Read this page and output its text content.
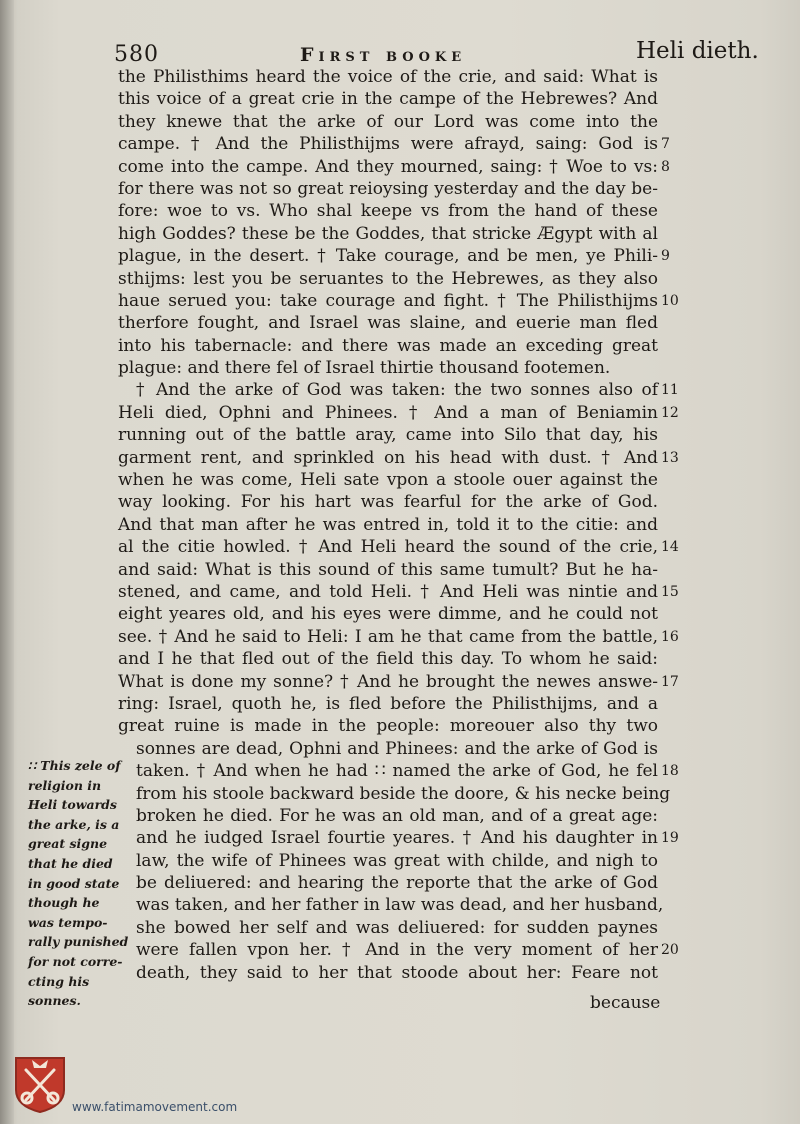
580	First booke	Heli dieth.
the Philisthims heard the voice of the crie, and said: What is
this voice of a great crie in the campe of the Hebrewes? And
they knewe that the arke of our Lord was come into the
campe. † And the Philisthijms were afrayd, saing: God is
come into the campe. And they mourned, saing: † Woe to vs:
for there was not so great reioysing yesterday and the day be-
fore: woe to vs. Who shal keepe vs from the hand of these
high Goddes? these be the Goddes, that stricke Ægypt with al
plague, in the desert. † Take courage, and be men, ye Phili-
sthijms: lest you be seruantes to the Hebrewes, as they also
haue serued you: take courage and fight. † The Philisthijms
therfore fought, and Israel was slaine, and euerie man fled
into his tabernacle: and there was made an exceding great
plague: and there fel of Israel thirtie thousand footemen.
† And the arke of God was taken: the two sonnes also of
Heli died, Ophni and Phinees. † And a man of Beniamin
running out of the battle aray, came into Silo that day, his
garment rent, and sprinkled on his head with dust. † And
when he was come, Heli sate vpon a stoole ouer against the
way looking. For his hart was fearful for the arke of God.
And that man after he was entred in, told it to the citie: and
al the citie howled. † And Heli heard the sound of the crie,
and said: What is this sound of this same tumult? But he ha-
stened, and came, and told Heli. † And Heli was nintie and
eight yeares old, and his eyes were dimme, and he could not
see. † And he said to Heli: I am he that came from the battle,
and I he that fled out of the field this day. To whom he said:
What is done my sonne? † And he brought the newes answe-
ring: Israel, quoth he, is fled before the Philisthijms, and a
great ruine is made in the people: moreouer also thy two
sonnes are dead, Ophni and Phinees: and the arke of God is
taken. † And when he had ∷ named the arke of God, he fel
from his stoole backward beside the doore, & his necke being
broken he died. For he was an old man, and of a great age:
and he iudged Israel fourtie yeares. † And his daughter in
law, the wife of Phinees was great with childe, and nigh to
be deliuered: and hearing the reporte that the arke of God
was taken, and her father in law was dead, and her husband,
she bowed her self and was deliuered: for sudden paynes
were fallen vpon her. † And in the very moment of her
death, they said to her that stoode about her: Feare not
7
8
9
10
11
12
13
14
15
16
17
18
19
20
∷ This zele of
religion in
Heli towards
the arke, is a
great signe
that he died
in good state
though he
was tempo-
rally punished
for not corre-
cting his
sonnes.	because
www.fatimamovement.com
